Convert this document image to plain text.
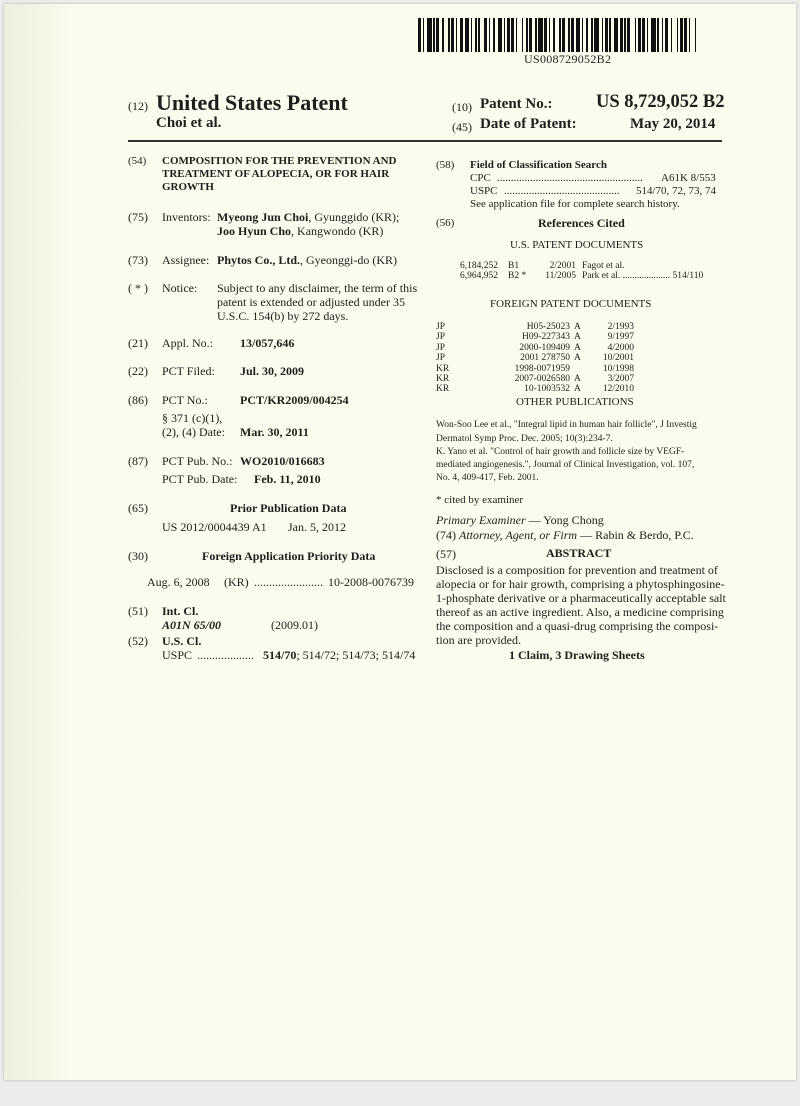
US008729052B2
(12) United States Patent
Choi et al.
(10) Patent No.: US 8,729,052 B2
(45) Date of Patent:	May 20, 2014
(54) COMPOSITION FOR THE PREVENTION AND
TREATMENT OF ALOPECIA, OR FOR HAIR
GROWTH
(75) Inventors: Myeong Jun Choi, Gyunggido (KR);
Joo Hyun Cho, Kangwondo (KR)
(73) Assignee: Phytos Co., Ltd., Gyeonggi-do (KR)
( * ) Notice: Subject to any disclaimer, the term of this
patent is extended or adjusted under 35
U.S.C. 154(b) by 272 days.
(21) Appl. No.: 13/057,646
(22) PCT Filed: Jul. 30, 2009
(86) PCT No.:	PCT/KR2009/004254
§ 371 (c)(1),
(2), (4) Date: Mar. 30, 2011
(87) PCT Pub. No.: WO2010/016683
PCT Pub. Date: Feb. 11, 2010
(65)	Prior Publication Data
US 2012/0004439 A1 Jan. 5, 2012
(30)	Foreign Application Priority Data
Aug. 6, 2008 (KR) ....................... 10-2008-0076739
(51) Int. Cl.
A01N 65/00	(2009.01)
(52) U.S. Cl.
USPC ................... 514/70; 514/72; 514/73; 514/74
(58) Field of Classification Search
CPC ..................................................... A61K 8/553
USPC .......................................... 514/70, 72, 73, 74
See application file for complete search history.
(56)	References Cited
U.S. PATENT DOCUMENTS
6,184,252	B1	2/2001	Fagot et al.
6,964,952	B2 *	11/2005	Park et al. .................... 514/110
FOREIGN PATENT DOCUMENTS
JP	H05-25023	A	2/1993
JP	H09-227343	A	9/1997
JP	2000-109409	A	4/2000
JP	2001 278750	A	10/2001
KR	1998-0071959		10/1998
KR	2007-0026580	A	3/2007
KR	10-1003532	A	12/2010
OTHER PUBLICATIONS
Won-Soo Lee et al., "Integral lipid in human hair follicle", J Investig
Dermatol Symp Proc. Dec. 2005; 10(3):234-7.
K. Yano et al. "Control of hair growth and follicle size by VEGF-
mediated angiogenesis.", Journal of Clinical Investigation, vol. 107,
No. 4, 409-417, Feb. 2001.
* cited by examiner
Primary Examiner — Yong Chong
(74) Attorney, Agent, or Firm — Rabin & Berdo, P.C.
(57)	ABSTRACT
Disclosed is a composition for prevention and treatment of
alopecia or for hair growth, comprising a phytosphingosine-
1-phosphate derivative or a pharmaceutically acceptable salt
thereof as an active ingredient. Also, a medicine comprising
the composition and a quasi-drug comprising the composi-
tion are provided.
1 Claim, 3 Drawing Sheets
